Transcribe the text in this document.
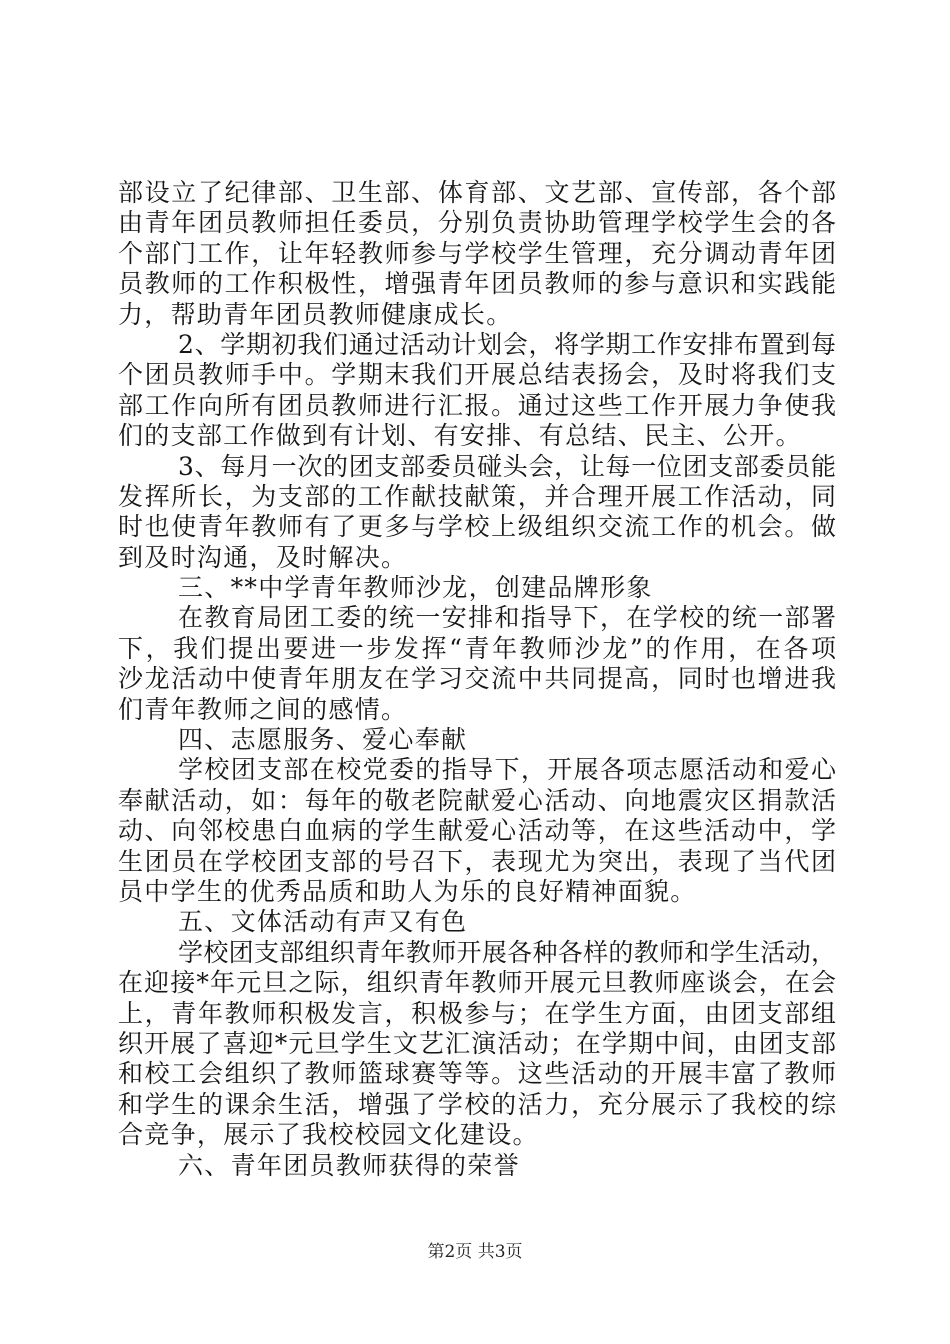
部设立了纪律部、卫生部、体育部、文艺部、宣传部，各个部
由青年团员教师担任委员，分别负责协助管理学校学生会的各
个部门工作，让年轻教师参与学校学生管理，充分调动青年团
员教师的工作积极性，增强青年团员教师的参与意识和实践能
力，帮助青年团员教师健康成长。
2、学期初我们通过活动计划会，将学期工作安排布置到每
个团员教师手中。学期末我们开展总结表扬会，及时将我们支
部工作向所有团员教师进行汇报。通过这些工作开展力争使我
们的支部工作做到有计划、有安排、有总结、民主、公开。
3、每月一次的团支部委员碰头会，让每一位团支部委员能
发挥所长，为支部的工作献技献策，并合理开展工作活动，同
时也使青年教师有了更多与学校上级组织交流工作的机会。做
到及时沟通，及时解决。
三、**中学青年教师沙龙，创建品牌形象
在教育局团工委的统一安排和指导下，在学校的统一部署
下，我们提出要进一步发挥“青年教师沙龙”的作用，在各项
沙龙活动中使青年朋友在学习交流中共同提高，同时也增进我
们青年教师之间的感情。
四、志愿服务、爱心奉献
学校团支部在校党委的指导下，开展各项志愿活动和爱心
奉献活动，如：每年的敬老院献爱心活动、向地震灾区捐款活
动、向邻校患白血病的学生献爱心活动等，在这些活动中，学
生团员在学校团支部的号召下，表现尤为突出，表现了当代团
员中学生的优秀品质和助人为乐的良好精神面貌。
五、文体活动有声又有色
学校团支部组织青年教师开展各种各样的教师和学生活动，
在迎接*年元旦之际，组织青年教师开展元旦教师座谈会，在会
上，青年教师积极发言，积极参与；在学生方面，由团支部组
织开展了喜迎*元旦学生文艺汇演活动；在学期中间，由团支部
和校工会组织了教师篮球赛等等。这些活动的开展丰富了教师
和学生的课余生活，增强了学校的活力，充分展示了我校的综
合竞争，展示了我校校园文化建设。
六、青年团员教师获得的荣誉
第2页 共3页
